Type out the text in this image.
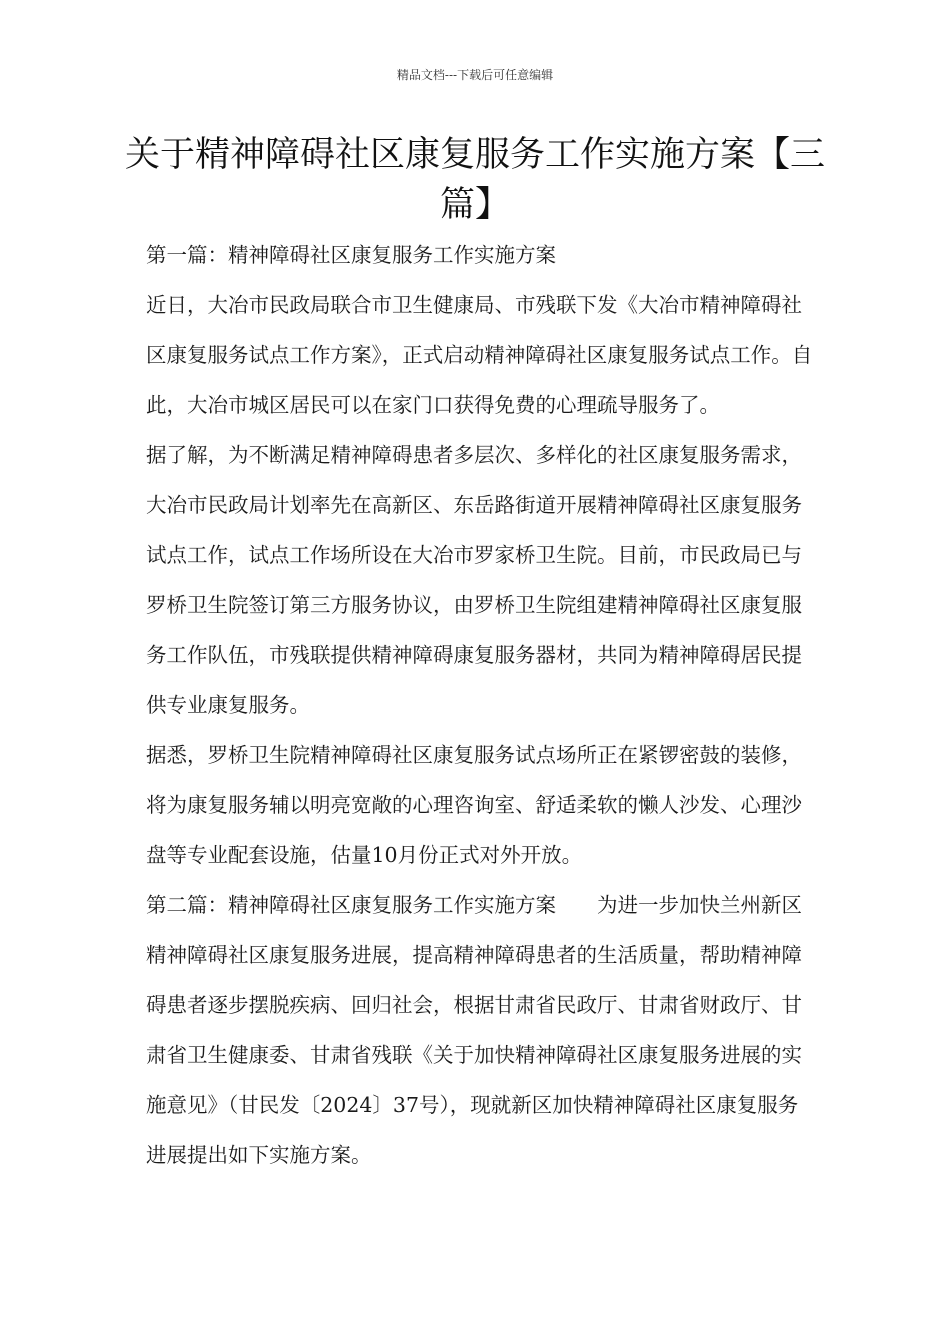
精品文档---下载后可任意编辑
关于精神障碍社区康复服务工作实施方案【三篇】

第一篇：精神障碍社区康复服务工作实施方案

近日，大冶市民政局联合市卫生健康局、市残联下发《大冶市精神障碍社区康复服务试点工作方案》，正式启动精神障碍社区康复服务试点工作。自此，大冶市城区居民可以在家门口获得免费的心理疏导服务了。

据了解，为不断满足精神障碍患者多层次、多样化的社区康复服务需求，大冶市民政局计划率先在高新区、东岳路街道开展精神障碍社区康复服务试点工作，试点工作场所设在大冶市罗家桥卫生院。目前，市民政局已与罗桥卫生院签订第三方服务协议，由罗桥卫生院组建精神障碍社区康复服务工作队伍，市残联提供精神障碍康复服务器材，共同为精神障碍居民提供专业康复服务。

据悉，罗桥卫生院精神障碍社区康复服务试点场所正在紧锣密鼓的装修，将为康复服务辅以明亮宽敞的心理咨询室、舒适柔软的懒人沙发、心理沙盘等专业配套设施，估量10月份正式对外开放。

第二篇：精神障碍社区康复服务工作实施方案　　为进一步加快兰州新区精神障碍社区康复服务进展，提高精神障碍患者的生活质量，帮助精神障碍患者逐步摆脱疾病、回归社会，根据甘肃省民政厅、甘肃省财政厅、甘肃省卫生健康委、甘肃省残联《关于加快精神障碍社区康复服务进展的实施意见》（甘民发〔2024〕37号），现就新区加快精神障碍社区康复服务进展提出如下实施方案。
